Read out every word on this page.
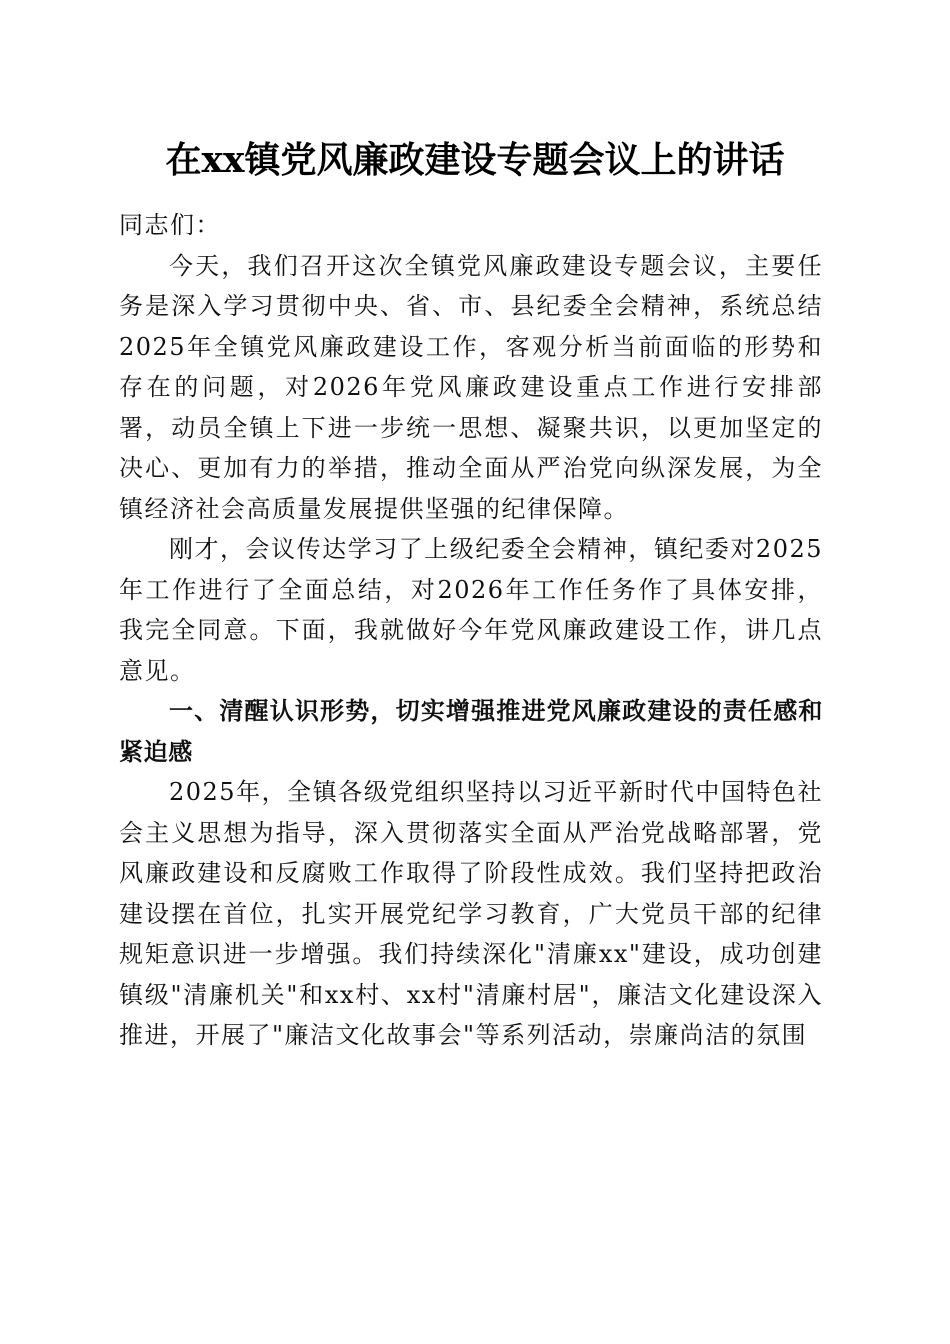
在xx镇党风廉政建设专题会议上的讲话

同志们：

今天，我们召开这次全镇党风廉政建设专题会议，主要任务是深入学习贯彻中央、省、市、县纪委全会精神，系统总结2025年全镇党风廉政建设工作，客观分析当前面临的形势和存在的问题，对2026年党风廉政建设重点工作进行安排部署，动员全镇上下进一步统一思想、凝聚共识，以更加坚定的决心、更加有力的举措，推动全面从严治党向纵深发展，为全镇经济社会高质量发展提供坚强的纪律保障。

刚才，会议传达学习了上级纪委全会精神，镇纪委对2025年工作进行了全面总结，对2026年工作任务作了具体安排，我完全同意。下面，我就做好今年党风廉政建设工作，讲几点意见。

一、清醒认识形势，切实增强推进党风廉政建设的责任感和紧迫感

2025年，全镇各级党组织坚持以习近平新时代中国特色社会主义思想为指导，深入贯彻落实全面从严治党战略部署，党风廉政建设和反腐败工作取得了阶段性成效。我们坚持把政治建设摆在首位，扎实开展党纪学习教育，广大党员干部的纪律规矩意识进一步增强。我们持续深化"清廉xx"建设，成功创建镇级"清廉机关"和xx村、xx村"清廉村居"，廉洁文化建设深入推进，开展了"廉洁文化故事会"等系列活动，崇廉尚洁的氛围
